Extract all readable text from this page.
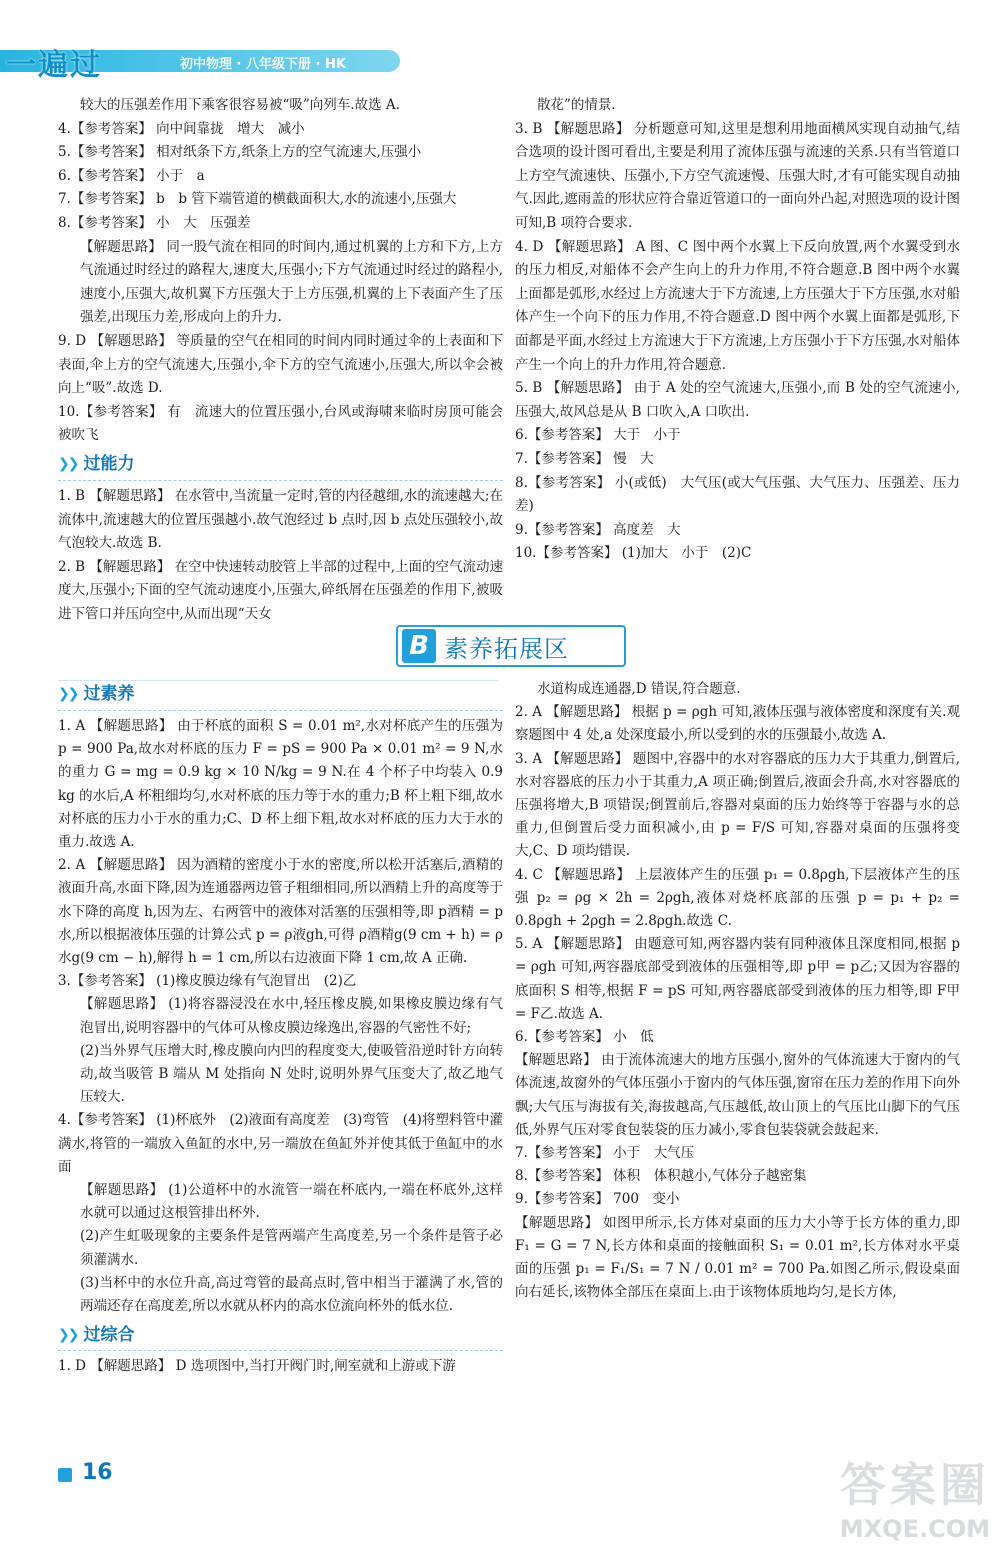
一遍过	初中物理 · 八年级下册 · HK

较大的压强差作用下乘客很容易被“吸”向列车.故选 A.

4.【参考答案】 向中间靠拢　增大　减小

5.【参考答案】 相对纸条下方,纸条上方的空气流速大,压强小

6.【参考答案】 小于　a

7.【参考答案】 b　b 管下端管道的横截面积大,水的流速小,压强大

8.【参考答案】 小　大　压强差

【解题思路】 同一股气流在相同的时间内,通过机翼的上方和下方,上方气流通过时经过的路程大,速度大,压强小;下方气流通过时经过的路程小,速度小,压强大,故机翼下方压强大于上方压强,机翼的上下表面产生了压强差,出现压力差,形成向上的升力.

9. D 【解题思路】 等质量的空气在相同的时间内同时通过伞的上表面和下表面,伞上方的空气流速大,压强小,伞下方的空气流速小,压强大,所以伞会被向上“吸”.故选 D.

10.【参考答案】 有　流速大的位置压强小,台风或海啸来临时房顶可能会被吹飞

❯❯ 过能力

1. B 【解题思路】 在水管中,当流量一定时,管的内径越细,水的流速越大;在流体中,流速越大的位置压强越小.故气泡经过 b 点时,因 b 点处压强较小,故气泡较大.故选 B.

2. B 【解题思路】 在空中快速转动胶管上半部的过程中,上面的空气流动速度大,压强小;下面的空气流动速度小,压强大,碎纸屑在压强差的作用下,被吸进下管口并压向空中,从而出现“天女

散花”的情景.

3. B 【解题思路】 分析题意可知,这里是想利用地面横风实现自动抽气,结合选项的设计图可看出,主要是利用了流体压强与流速的关系.只有当管道口上方空气流速快、压强小,下方空气流速慢、压强大时,才有可能实现自动抽气.因此,遮雨盖的形状应符合靠近管道口的一面向外凸起,对照选项的设计图可知,B 项符合要求.

4. D 【解题思路】 A 图、C 图中两个水翼上下反向放置,两个水翼受到水的压力相反,对船体不会产生向上的升力作用,不符合题意.B 图中两个水翼上面都是弧形,水经过上方流速大于下方流速,上方压强大于下方压强,水对船体产生一个向下的压力作用,不符合题意.D 图中两个水翼上面都是弧形,下面都是平面,水经过上方流速大于下方流速,上方压强小于下方压强,水对船体产生一个向上的升力作用,符合题意.

5. B 【解题思路】 由于 A 处的空气流速大,压强小,而 B 处的空气流速小,压强大,故风总是从 B 口吹入,A 口吹出.

6.【参考答案】 大于　小于

7.【参考答案】 慢　大

8.【参考答案】 小(或低)　大气压(或大气压强、大气压力、压强差、压力差)

9.【参考答案】 高度差　大

10.【参考答案】 (1)加大　小于　(2)C

B 素养拓展区
❯❯ 过素养

1. A 【解题思路】 由于杯底的面积 S = 0.01 m²,水对杯底产生的压强为 p = 900 Pa,故水对杯底的压力 F = pS = 900 Pa × 0.01 m² = 9 N,水的重力 G = mg = 0.9 kg × 10 N/kg = 9 N.在 4 个杯子中均装入 0.9 kg 的水后,A 杯粗细均匀,水对杯底的压力等于水的重力;B 杯上粗下细,故水对杯底的压力小于水的重力;C、D 杯上细下粗,故水对杯底的压力大于水的重力.故选 A.

2. A 【解题思路】 因为酒精的密度小于水的密度,所以松开活塞后,酒精的液面升高,水面下降,因为连通器两边管子粗细相同,所以酒精上升的高度等于水下降的高度 h,因为左、右两管中的液体对活塞的压强相等,即 p酒精 = p水,所以根据液体压强的计算公式 p = ρ液gh,可得 ρ酒精g(9 cm + h) = ρ水g(9 cm − h),解得 h = 1 cm,所以右边液面下降 1 cm,故 A 正确.

3.【参考答案】 (1)橡皮膜边缘有气泡冒出　(2)乙

【解题思路】 (1)将容器浸没在水中,轻压橡皮膜,如果橡皮膜边缘有气泡冒出,说明容器中的气体可从橡皮膜边缘逸出,容器的气密性不好;

(2)当外界气压增大时,橡皮膜向内凹的程度变大,使吸管沿逆时针方向转动,故当吸管 B 端从 M 处指向 N 处时,说明外界气压变大了,故乙地气压较大.

4.【参考答案】 (1)杯底外　(2)液面有高度差　(3)弯管　(4)将塑料管中灌满水,将管的一端放入鱼缸的水中,另一端放在鱼缸外并使其低于鱼缸中的水面

【解题思路】 (1)公道杯中的水流管一端在杯底内,一端在杯底外,这样水就可以通过这根管排出杯外.

(2)产生虹吸现象的主要条件是管两端产生高度差,另一个条件是管子必须灌满水.

(3)当杯中的水位升高,高过弯管的最高点时,管中相当于灌满了水,管的两端还存在高度差,所以水就从杯内的高水位流向杯外的低水位.

❯❯ 过综合

1. D 【解题思路】 D 选项图中,当打开阀门时,闸室就和上游或下游

水道构成连通器,D 错误,符合题意.

2. A 【解题思路】 根据 p = ρgh 可知,液体压强与液体密度和深度有关.观察题图中 4 处,a 处深度最小,所以受到的水的压强最小,故选 A.

3. A 【解题思路】 题图中,容器中的水对容器底的压力大于其重力,倒置后,水对容器底的压力小于其重力,A 项正确;倒置后,液面会升高,水对容器底的压强将增大,B 项错误;倒置前后,容器对桌面的压力始终等于容器与水的总重力,但倒置后受力面积减小,由 p = F/S 可知,容器对桌面的压强将变大,C、D 项均错误.

4. C 【解题思路】 上层液体产生的压强 p₁ = 0.8ρgh,下层液体产生的压强 p₂ = ρg × 2h = 2ρgh,液体对烧杯底部的压强 p = p₁ + p₂ = 0.8ρgh + 2ρgh = 2.8ρgh.故选 C.

5. A 【解题思路】 由题意可知,两容器内装有同种液体且深度相同,根据 p = ρgh 可知,两容器底部受到液体的压强相等,即 p甲 = p乙;又因为容器的底面积 S 相等,根据 F = pS 可知,两容器底部受到液体的压力相等,即 F甲 = F乙.故选 A.

6.【参考答案】 小　低

【解题思路】 由于流体流速大的地方压强小,窗外的气体流速大于窗内的气体流速,故窗外的气体压强小于窗内的气体压强,窗帘在压力差的作用下向外飘;大气压与海拔有关,海拔越高,气压越低,故山顶上的气压比山脚下的气压低,外界气压对零食包装袋的压力减小,零食包装袋就会鼓起来.

7.【参考答案】 小于　大气压

8.【参考答案】 体积　体积越小,气体分子越密集

9.【参考答案】 700　变小

【解题思路】 如图甲所示,长方体对桌面的压力大小等于长方体的重力,即 F₁ = G = 7 N,长方体和桌面的接触面积 S₁ = 0.01 m²,长方体对水平桌面的压强 p₁ = F₁/S₁ = 7 N / 0.01 m² = 700 Pa.如图乙所示,假设桌面向右延长,该物体全部压在桌面上.由于该物体质地均匀,是长方体,

16	答案圈
MXQE.COM
